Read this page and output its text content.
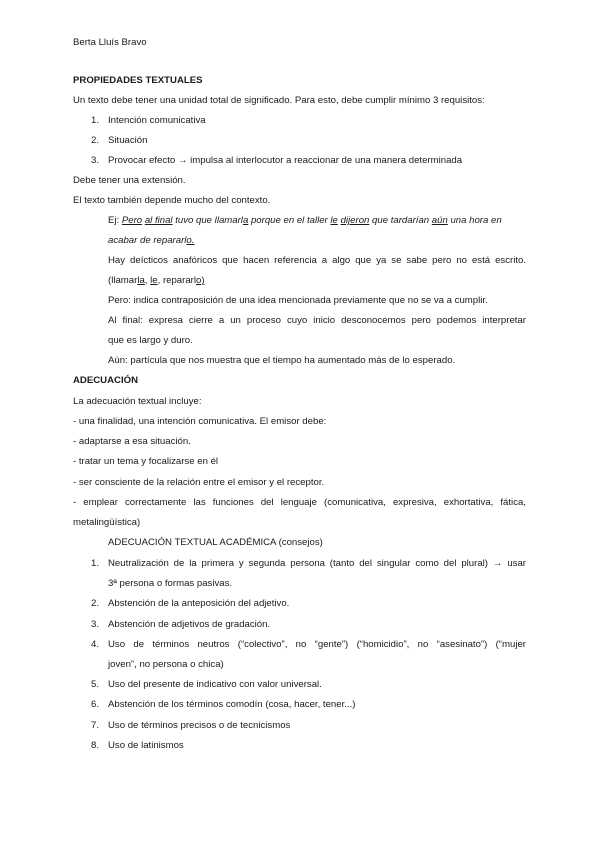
Berta Lluís Bravo
PROPIEDADES TEXTUALES
Un texto debe tener una unidad total de significado. Para esto, debe cumplir mínimo 3 requisitos:
1. Intención comunicativa
2. Situación
3. Provocar efecto → impulsa al interlocutor a reaccionar de una manera determinada
Debe tener una extensión.
El texto también depende mucho del contexto.
Ej: Pero al final tuvo que llamarla porque en el taller le dijeron que tardarían aún una hora en
acabar de repararlo.
Hay deícticos anafóricos que hacen referencia a algo que ya se sabe pero no está escrito.
(llamarla, le, repararlo)
Pero: indica contraposición de una idea mencionada previamente que no se va a cumplir.
Al final: expresa cierre a un proceso cuyo inicio desconocemos pero podemos interpretar
que es largo y duro.
Aún: partícula que nos muestra que el tiempo ha aumentado más de lo esperado.
ADECUACIÓN
La adecuación textual incluye:
- una finalidad, una intención comunicativa. El emisor debe:
- adaptarse a esa situación.
- tratar un tema y focalizarse en él
- ser consciente de la relación entre el emisor y el receptor.
- emplear correctamente las funciones del lenguaje (comunicativa, expresiva, exhortativa, fática,
metalingüística)
ADECUACIÓN TEXTUAL ACADÉMICA (consejos)
1. Neutralización de la primera y segunda persona (tanto del singular como del plural) → usar
3ª persona o formas pasivas.
2. Abstención de la anteposición del adjetivo.
3. Abstención de adjetivos de gradación.
4. Uso de términos neutros (“colectivo”, no “gente”) (“homicidio”, no “asesinato”) (“mujer
joven”, no persona o chica)
5. Uso del presente de indicativo con valor universal.
6. Abstención de los términos comodín (cosa, hacer, tener...)
7. Uso de términos precisos o de tecnicismos
8. Uso de latinismos
